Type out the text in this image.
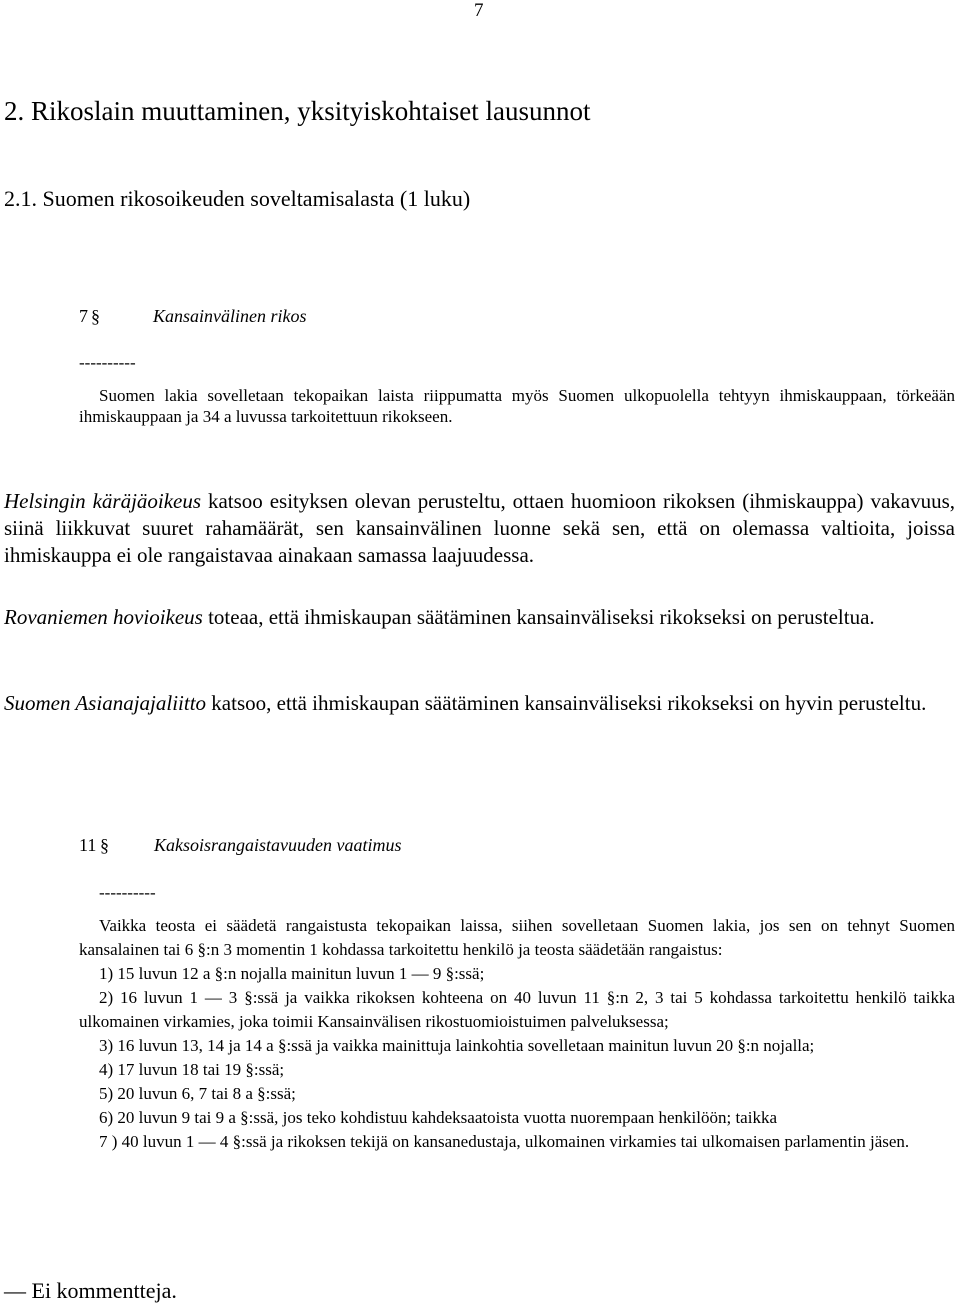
7
2. Rikoslain muuttaminen, yksityiskohtaiset lausunnot
2.1. Suomen rikosoikeuden soveltamisalasta (1 luku)
7 §	Kansainvälinen rikos
----------
Suomen lakia sovelletaan tekopaikan laista riippumatta myös Suomen ulkopuolella tehtyyn ihmiskauppaan, törkeään ihmiskauppaan ja 34 a luvussa tarkoitettuun rikokseen.

Helsingin käräjäoikeus katsoo esityksen olevan perusteltu, ottaen huomioon rikoksen (ihmiskauppa) vakavuus, siinä liikkuvat suuret rahamäärät, sen kansainvälinen luonne sekä sen, että on olemassa valtioita, joissa ihmiskauppa ei ole rangaistavaa ainakaan samassa laajuudessa.

Rovaniemen hovioikeus toteaa, että ihmiskaupan säätäminen kansainväliseksi rikokseksi on perusteltua.

Suomen Asianajajaliitto katsoo, että ihmiskaupan säätäminen kansainväliseksi rikokseksi on hyvin perusteltu.

11 §	Kaksoisrangaistavuuden vaatimus
----------

Vaikka teosta ei säädetä rangaistusta tekopaikan laissa, siihen sovelletaan Suomen lakia, jos sen on tehnyt Suomen kansalainen tai 6 §:n 3 momentin 1 kohdassa tarkoitettu henkilö ja teosta säädetään rangaistus:

1) 15 luvun 12 a §:n nojalla mainitun luvun 1 — 9 §:ssä;

2) 16 luvun 1 — 3 §:ssä ja vaikka rikoksen kohteena on 40 luvun 11 §:n 2, 3 tai 5 kohdassa tarkoitettu henkilö taikka ulkomainen virkamies, joka toimii Kansainvälisen rikostuomioistuimen palveluksessa;

3) 16 luvun 13, 14 ja 14 a §:ssä ja vaikka mainittuja lainkohtia sovelletaan mainitun luvun 20 §:n nojalla;

4) 17 luvun 18 tai 19 §:ssä;

5) 20 luvun 6, 7 tai 8 a §:ssä;

6) 20 luvun 9 tai 9 a §:ssä, jos teko kohdistuu kahdeksaatoista vuotta nuorempaan henkilöön; taikka

7 ) 40 luvun 1 — 4 §:ssä ja rikoksen tekijä on kansanedustaja, ulkomainen virkamies tai ulkomaisen parlamentin jäsen.

— Ei kommentteja.
